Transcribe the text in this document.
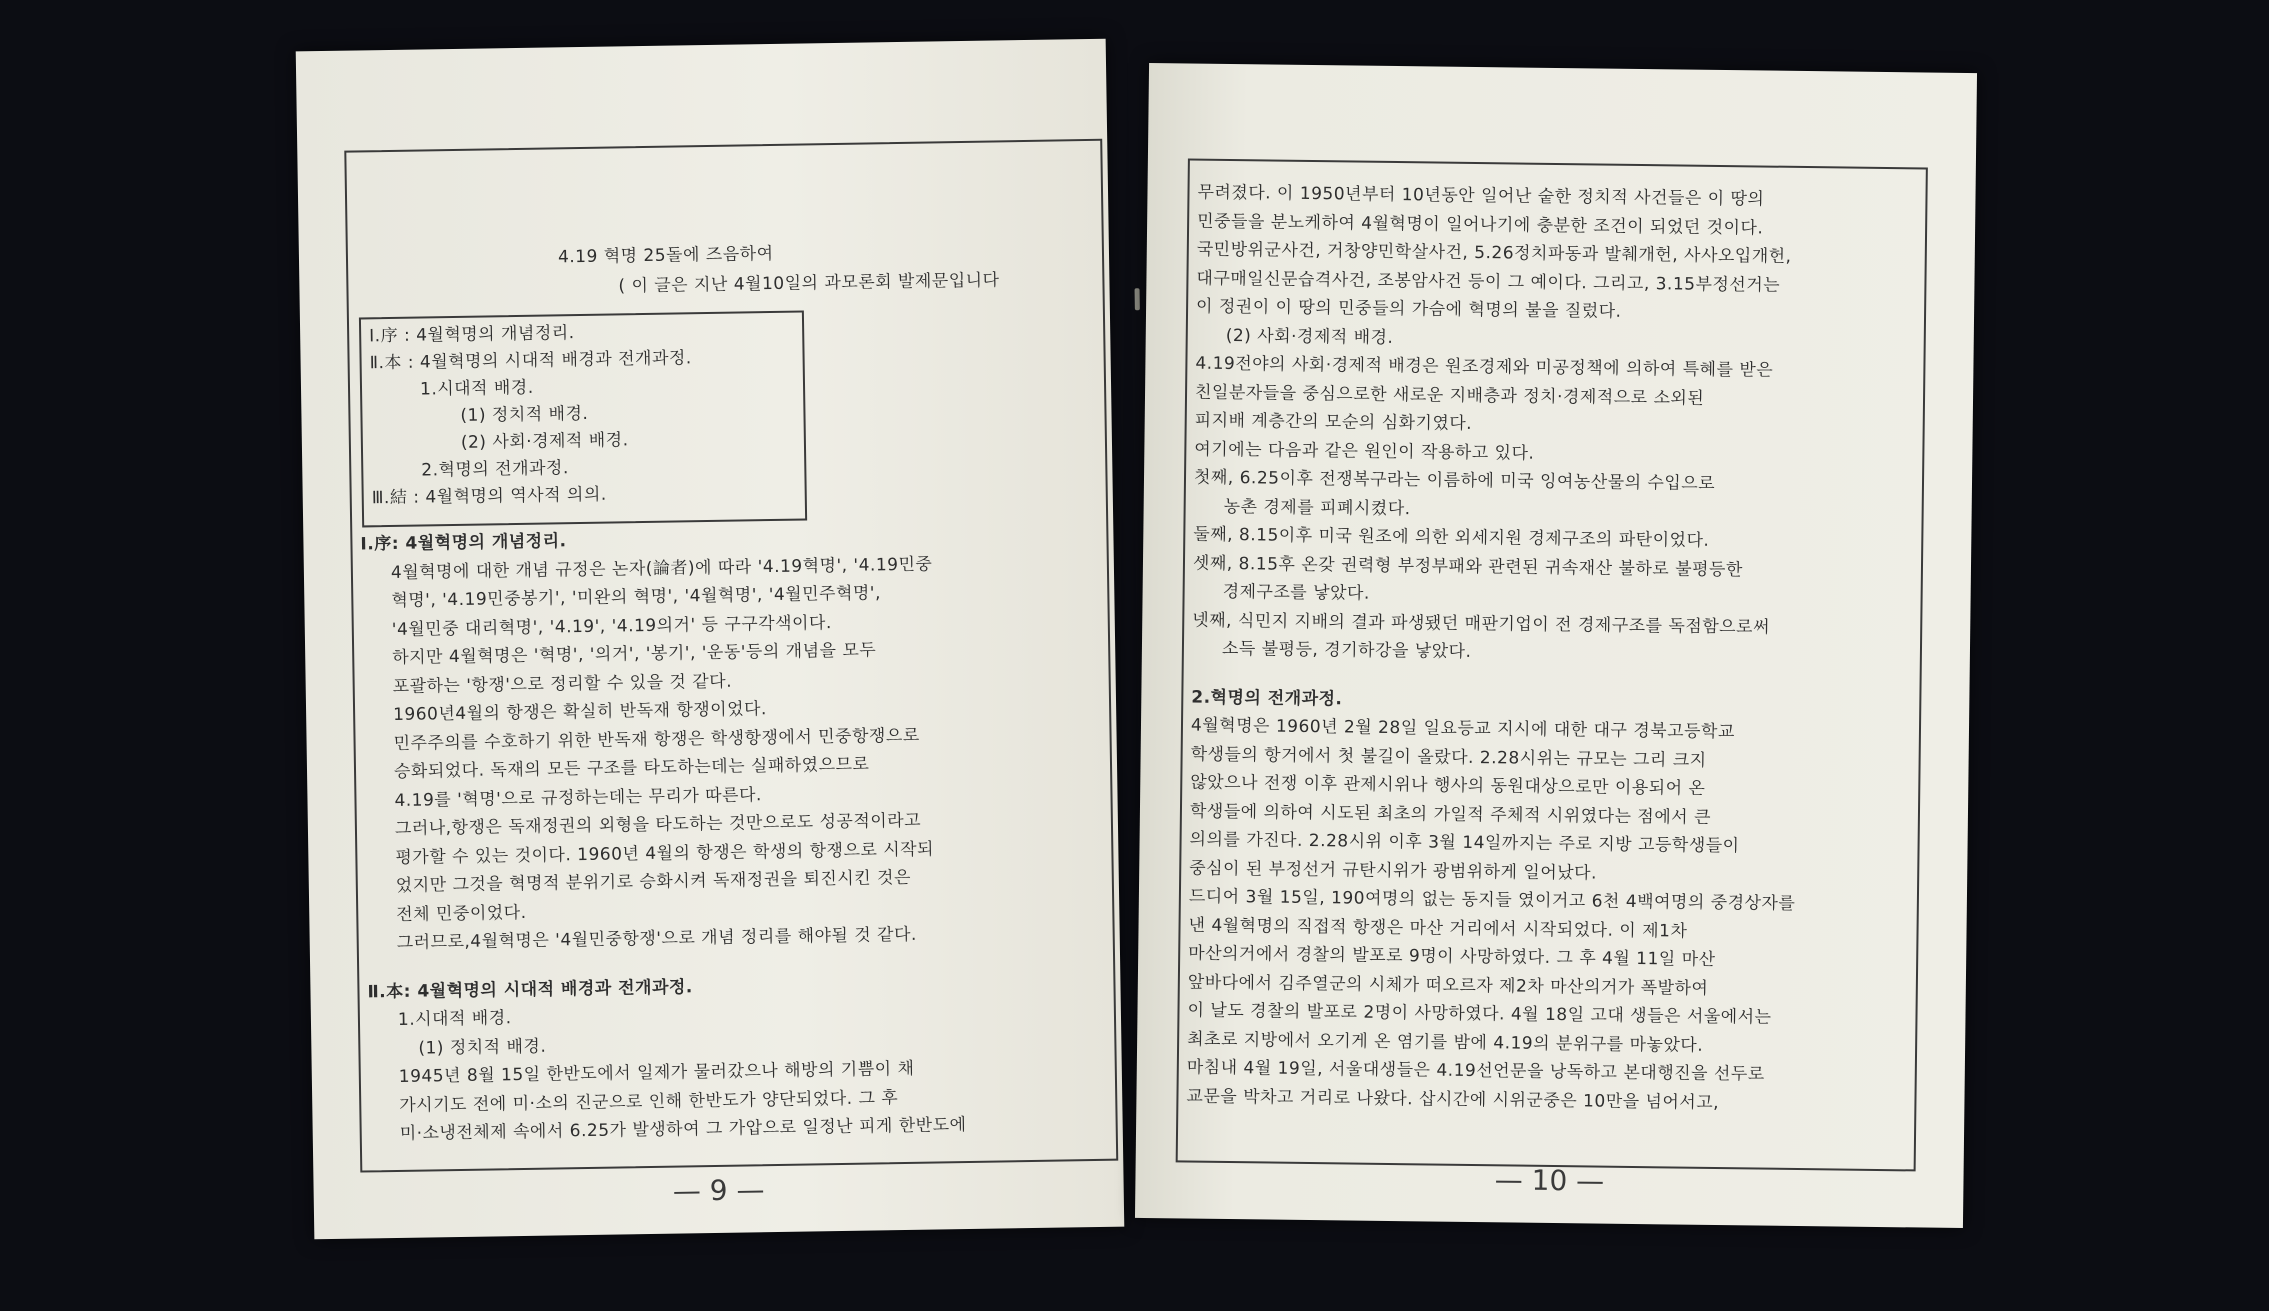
4.19 혁명 25돌에 즈음하여
( 이 글은 지난 4월10일의 과모론회 발제문입니다
Ⅰ.序 : 4월혁명의 개념정리.
Ⅱ.本 : 4월혁명의 시대적 배경과 전개과정.
1.시대적 배경.
(1) 정치적 배경.
(2) 사회·경제적 배경.
2.혁명의 전개과정.
Ⅲ.結 : 4월혁명의 역사적 의의.
Ⅰ.序: 4월혁명의 개념정리.
4월혁명에 대한 개념 규정은 논자(論者)에 따라 '4.19혁명', '4.19민중
혁명', '4.19민중봉기', '미완의 혁명', '4월혁명', '4월민주혁명',
'4월민중 대리혁명', '4.19', '4.19의거' 등 구구각색이다.
하지만 4월혁명은 '혁명', '의거', '봉기', '운동'등의 개념을 모두
포괄하는 '항쟁'으로 정리할 수 있을 것 같다.
1960년4월의 항쟁은 확실히 반독재 항쟁이었다.
민주주의를 수호하기 위한 반독재 항쟁은 학생항쟁에서 민중항쟁으로
승화되었다. 독재의 모든 구조를 타도하는데는 실패하였으므로
4.19를 '혁명'으로 규정하는데는 무리가 따른다.
그러나,항쟁은 독재정권의 외형을 타도하는 것만으로도 성공적이라고
평가할 수 있는 것이다. 1960년 4월의 항쟁은 학생의 항쟁으로 시작되
었지만 그것을 혁명적 분위기로 승화시켜 독재정권을 퇴진시킨 것은
전체 민중이었다.
그러므로,4월혁명은 '4월민중항쟁'으로 개념 정리를 해야될 것 같다.
Ⅱ.本: 4월혁명의 시대적 배경과 전개과정.
1.시대적 배경.
(1) 정치적 배경.
1945년 8월 15일 한반도에서 일제가 물러갔으나 해방의 기쁨이 채
가시기도 전에 미·소의 진군으로 인해 한반도가 양단되었다. 그 후
미·소냉전체제 속에서 6.25가 발생하여 그 가압으로 일정난 피게 한반도에
— 9 —
무려졌다. 이 1950년부터 10년동안 일어난 숱한 정치적 사건들은 이 땅의
민중들을 분노케하여 4월혁명이 일어나기에 충분한 조건이 되었던 것이다.
국민방위군사건, 거창양민학살사건, 5.26정치파동과 발췌개헌, 사사오입개헌,
대구매일신문습격사건, 조봉암사건 등이 그 예이다. 그리고, 3.15부정선거는
이 정권이 이 땅의 민중들의 가슴에 혁명의 불을 질렀다.
(2) 사회·경제적 배경.
4.19전야의 사회·경제적 배경은 원조경제와 미공정책에 의하여 특혜를 받은
친일분자들을 중심으로한 새로운 지배층과 정치·경제적으로 소외된
피지배 계층간의 모순의 심화기였다.
여기에는 다음과 같은 원인이 작용하고 있다.
첫째, 6.25이후 전쟁복구라는 이름하에 미국 잉여농산물의 수입으로
농촌 경제를 피폐시켰다.
둘째, 8.15이후 미국 원조에 의한 외세지원 경제구조의 파탄이었다.
셋째, 8.15후 온갖 권력형 부정부패와 관련된 귀속재산 불하로 불평등한
경제구조를 낳았다.
넷째, 식민지 지배의 결과 파생됐던 매판기업이 전 경제구조를 독점함으로써
소득 불평등, 경기하강을 낳았다.
2.혁명의 전개과정.
4월혁명은 1960년 2월 28일 일요등교 지시에 대한 대구 경북고등학교
학생들의 항거에서 첫 불길이 올랐다. 2.28시위는 규모는 그리 크지
않았으나 전쟁 이후 관제시위나 행사의 동원대상으로만 이용되어 온
학생들에 의하여 시도된 최초의 가일적 주체적 시위였다는 점에서 큰
의의를 가진다. 2.28시위 이후 3월 14일까지는 주로 지방 고등학생들이
중심이 된 부정선거 규탄시위가 광범위하게 일어났다.
드디어 3월 15일, 190여명의 없는 동지들 였이거고 6천 4백여명의 중경상자를
낸 4월혁명의 직접적 항쟁은 마산 거리에서 시작되었다. 이 제1차
마산의거에서 경찰의 발포로 9명이 사망하였다. 그 후 4월 11일 마산
앞바다에서 김주열군의 시체가 떠오르자 제2차 마산의거가 폭발하여
이 날도 경찰의 발포로 2명이 사망하였다. 4월 18일 고대 생들은 서울에서는
최초로 지방에서 오기게 온 염기를 밤에 4.19의 분위구를 마놓았다.
마침내 4월 19일, 서울대생들은 4.19선언문을 낭독하고 본대행진을 선두로
교문을 박차고 거리로 나왔다. 삽시간에 시위군중은 10만을 넘어서고,
— 10 —
